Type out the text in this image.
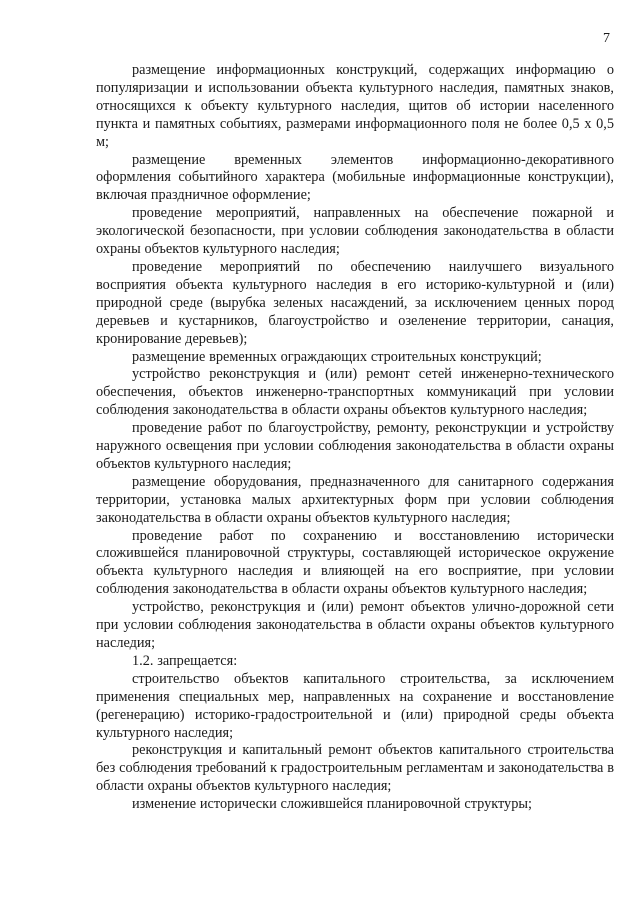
7

размещение информационных конструкций, содержащих информацию о популяризации и использовании объекта культурного наследия, памятных знаков, относящихся к объекту культурного наследия, щитов об истории населенного пункта и памятных событиях, размерами информационного поля не более 0,5 х 0,5 м;

размещение временных элементов информационно-декоративного оформления событийного характера (мобильные информационные конструкции), включая праздничное оформление;

проведение мероприятий, направленных на обеспечение пожарной и экологической безопасности, при условии соблюдения законодательства в области охраны объектов культурного наследия;

проведение мероприятий по обеспечению наилучшего визуального восприятия объекта культурного наследия в его историко-культурной и (или) природной среде (вырубка зеленых насаждений, за исключением ценных пород деревьев и кустарников, благоустройство и озеленение территории, санация, кронирование деревьев);

размещение временных ограждающих строительных конструкций;

устройство реконструкция и (или) ремонт сетей инженерно-технического обеспечения, объектов инженерно-транспортных коммуникаций при условии соблюдения законодательства в области охраны объектов культурного наследия;

проведение работ по благоустройству, ремонту, реконструкции и устройству наружного освещения при условии соблюдения законодательства в области охраны объектов культурного наследия;

размещение оборудования, предназначенного для санитарного содержания территории, установка малых архитектурных форм при условии соблюдения законодательства в области охраны объектов культурного наследия;

проведение работ по сохранению и восстановлению исторически сложившейся планировочной структуры, составляющей историческое окружение объекта культурного наследия и влияющей на его восприятие, при условии соблюдения законодательства в области охраны объектов культурного наследия;

устройство, реконструкция и (или) ремонт объектов улично-дорожной сети при условии соблюдения законодательства в области охраны объектов культурного наследия;

1.2. запрещается:

строительство объектов капитального строительства, за исключением применения специальных мер, направленных на сохранение и восстановление (регенерацию) историко-градостроительной и (или) природной среды объекта культурного наследия;

реконструкция и капитальный ремонт объектов капитального строительства без соблюдения требований к градостроительным регламентам и законодательства в области охраны объектов культурного наследия;

изменение исторически сложившейся планировочной структуры;
